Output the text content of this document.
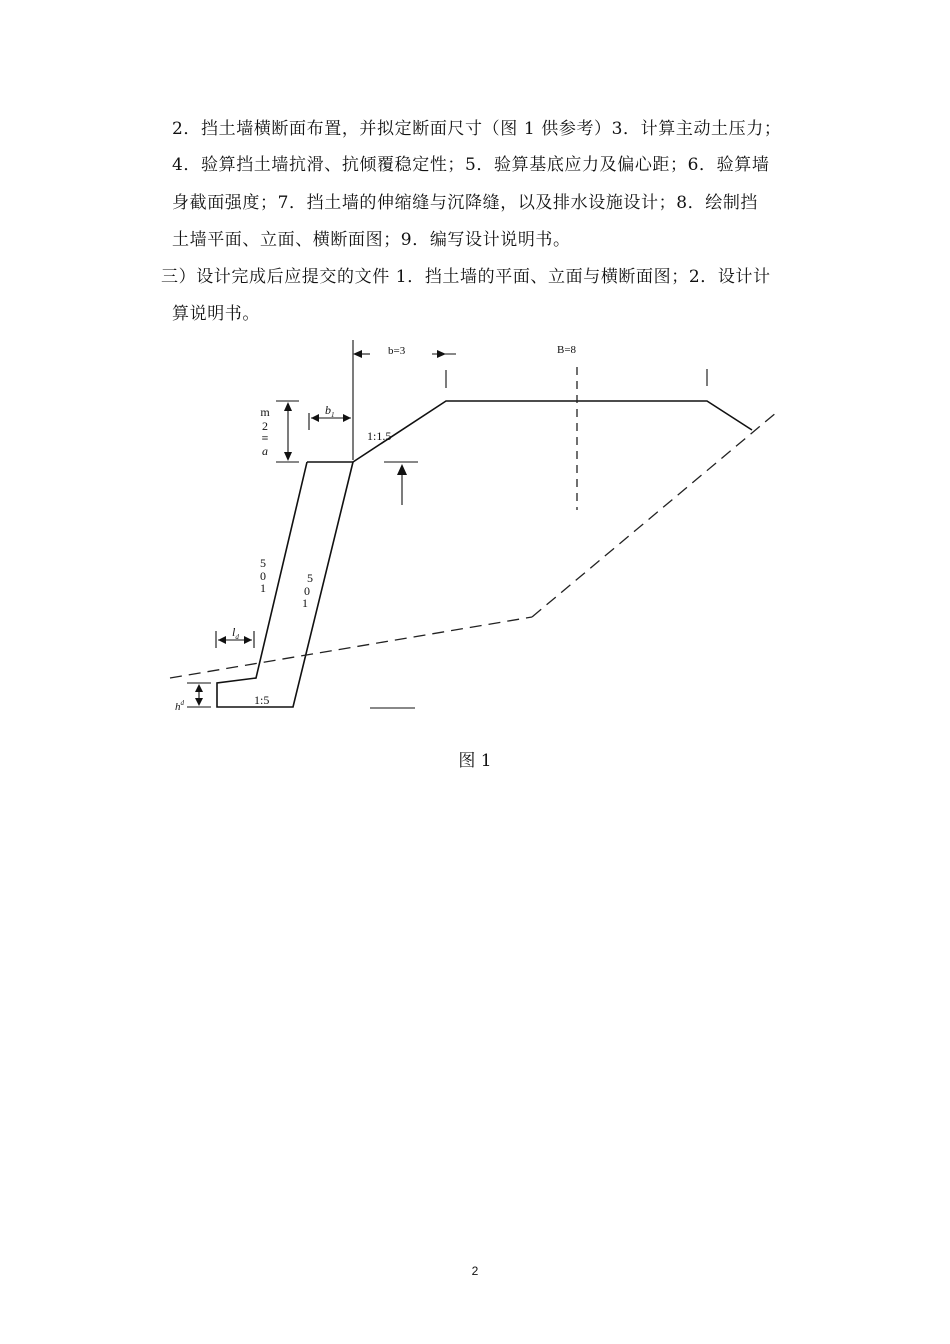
2．挡土墙横断面布置，并拟定断面尺寸（图 1 供参考）3．计算主动土压力；
4．验算挡土墙抗滑、抗倾覆稳定性；5．验算基底应力及偏心距；6．验算墙
身截面强度；7．挡土墙的伸缩缝与沉降缝，以及排水设施设计；8．绘制挡
土墙平面、立面、横断面图；9．编写设计说明书。
三）设计完成后应提交的文件 1．挡土墙的平面、立面与横断面图；2．设计计
算说明书。
b=3	B=8
$b_1$
1:1.5
m
2
≡
a
5
0
1
5
0
1
$l_d$
$h^d$	1:5
图 1
2
